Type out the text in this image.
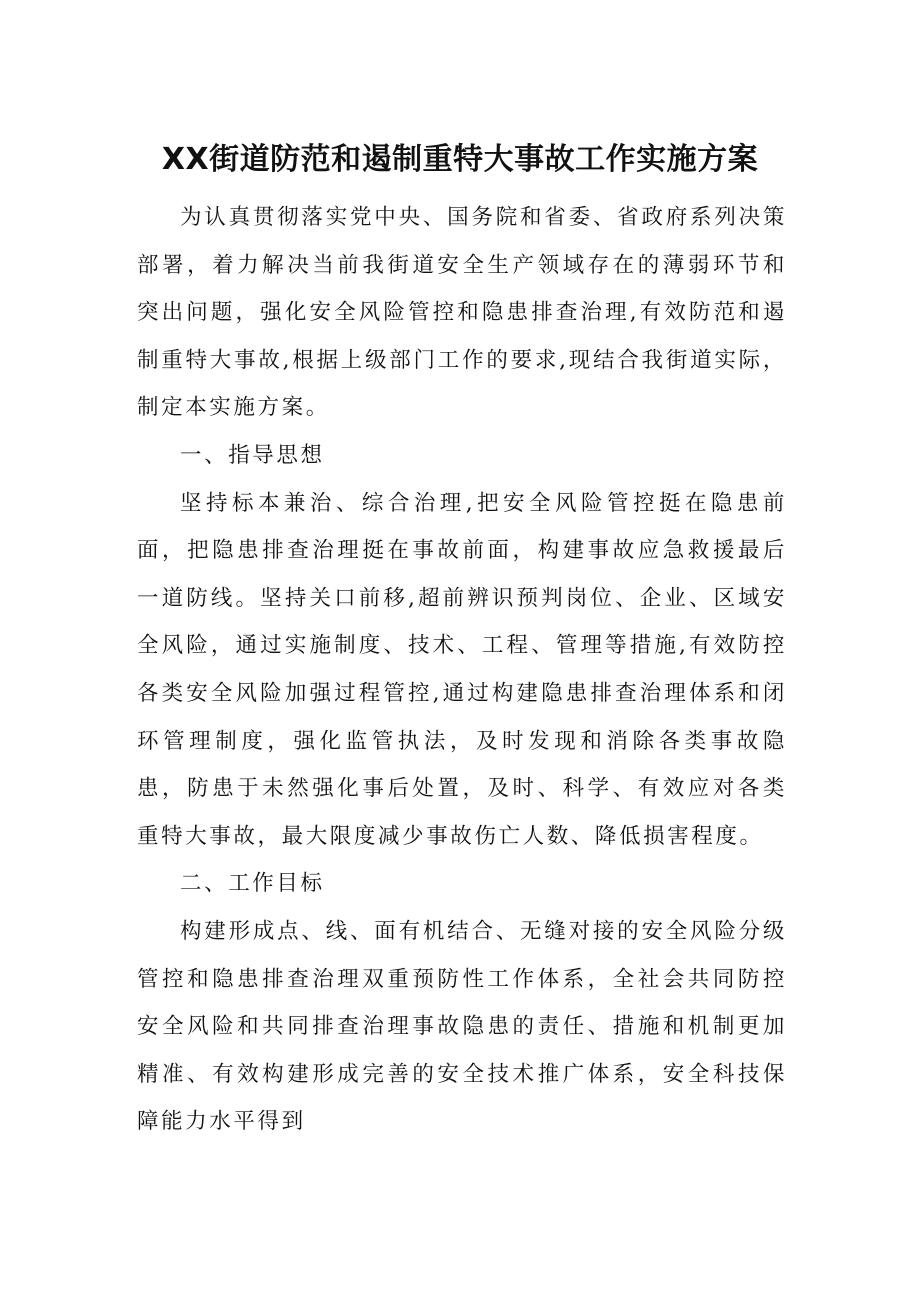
XX街道防范和遏制重特大事故工作实施方案

为认真贯彻落实党中央、国务院和省委、省政府系列决策部署，着力解决当前我街道安全生产领域存在的薄弱环节和突出问题，强化安全风险管控和隐患排查治理,有效防范和遏制重特大事故,根据上级部门工作的要求,现结合我街道实际，制定本实施方案。

一、指导思想

坚持标本兼治、综合治理,把安全风险管控挺在隐患前面，把隐患排查治理挺在事故前面，构建事故应急救援最后一道防线。坚持关口前移,超前辨识预判岗位、企业、区域安全风险，通过实施制度、技术、工程、管理等措施,有效防控各类安全风险加强过程管控,通过构建隐患排查治理体系和闭环管理制度，强化监管执法，及时发现和消除各类事故隐患，防患于未然强化事后处置，及时、科学、有效应对各类重特大事故，最大限度减少事故伤亡人数、降低损害程度。

二、工作目标

构建形成点、线、面有机结合、无缝对接的安全风险分级管控和隐患排查治理双重预防性工作体系，全社会共同防控安全风险和共同排查治理事故隐患的责任、措施和机制更加精准、有效构建形成完善的安全技术推广体系，安全科技保障能力水平得到
